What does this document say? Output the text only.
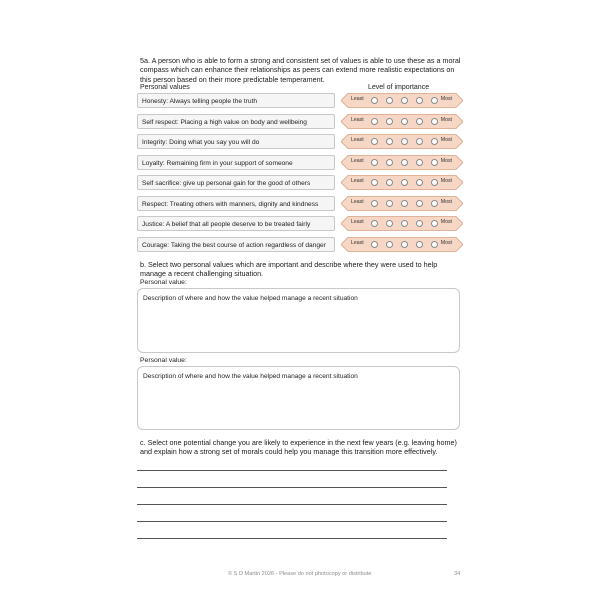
5a. A person who is able to form a strong and consistent set of values is able to use these as a moral compass which can enhance their relationships as peers can extend more realistic expectations on this person based on their more predictable temperament.
Personal values	Level of importance
Honesty: Always telling people the truth	Least	Most
Self respect: Placing a high value on body and wellbeing	Least	Most
Integrity: Doing what you say you will do	Least	Most
Loyalty: Remaining firm in your support of someone	Least	Most
Self sacrifice: give up personal gain for the good of others	Least	Most
Respect: Treating others with manners, dignity and kindness	Least	Most
Justice: A belief that all people deserve to be treated fairly	Least	Most
Courage: Taking the best course of action regardless of danger	Least	Most
b. Select two personal values which are important and describe where they were used to help manage a recent challenging situation.
Personal value:
Description of where and how the value helped manage a recent situation
Personal value:
Description of where and how the value helped manage a recent situation
c. Select one potential change you are likely to experience in the next few years (e.g. leaving home) and explain how a strong set of morals could help you manage this transition more effectively.
© S D Martin 2026 - Please do not photocopy or distribute	34
